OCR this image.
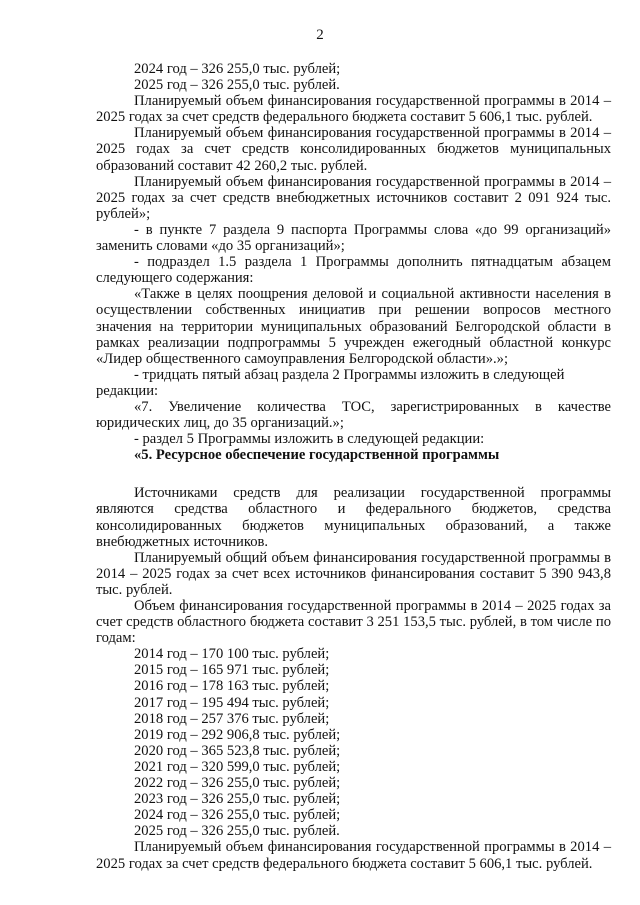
2
2024 год – 326 255,0 тыс. рублей;
2025 год – 326 255,0 тыс. рублей.

Планируемый объем финансирования государственной программы в 2014 – 2025 годах за счет средств федерального бюджета составит 5 606,1 тыс. рублей.

Планируемый объем финансирования государственной программы в 2014 – 2025 годах за счет средств консолидированных бюджетов муниципальных образований составит 42 260,2 тыс. рублей.

Планируемый объем финансирования государственной программы в 2014 – 2025 годах за счет средств внебюджетных источников составит 2 091 924 тыс. рублей»;

- в пункте 7 раздела 9 паспорта Программы слова «до 99 организаций» заменить словами «до 35 организаций»;

- подраздел 1.5 раздела 1 Программы дополнить пятнадцатым абзацем следующего содержания:

«Также в целях поощрения деловой и социальной активности населения в осуществлении собственных инициатив при решении вопросов местного значения на территории муниципальных образований Белгородской области в рамках реализации подпрограммы 5 учрежден ежегодный областной конкурс «Лидер общественного самоуправления Белгородской области».»;

- тридцать пятый абзац раздела 2 Программы изложить в следующей редакции:

«7. Увеличение количества ТОС, зарегистрированных в качестве юридических лиц, до 35 организаций.»;

- раздел 5 Программы изложить в следующей редакции:

«5. Ресурсное обеспечение государственной программы

Источниками средств для реализации государственной программы являются средства областного и федерального бюджетов, средства консолидированных бюджетов муниципальных образований, а также внебюджетных источников.

Планируемый общий объем финансирования государственной программы в 2014 – 2025 годах за счет всех источников финансирования составит 5 390 943,8 тыс. рублей.

Объем финансирования государственной программы в 2014 – 2025 годах за счет средств областного бюджета составит 3 251 153,5 тыс. рублей, в том числе по годам:

2014 год – 170 100 тыс. рублей;
2015 год – 165 971 тыс. рублей;
2016 год – 178 163 тыс. рублей;
2017 год – 195 494 тыс. рублей;
2018 год – 257 376 тыс. рублей;
2019 год – 292 906,8 тыс. рублей;
2020 год – 365 523,8 тыс. рублей;
2021 год – 320 599,0 тыс. рублей;
2022 год – 326 255,0 тыс. рублей;
2023 год – 326 255,0 тыс. рублей;
2024 год – 326 255,0 тыс. рублей;
2025 год – 326 255,0 тыс. рублей.

Планируемый объем финансирования государственной программы в 2014 – 2025 годах за счет средств федерального бюджета составит 5 606,1 тыс. рублей.
